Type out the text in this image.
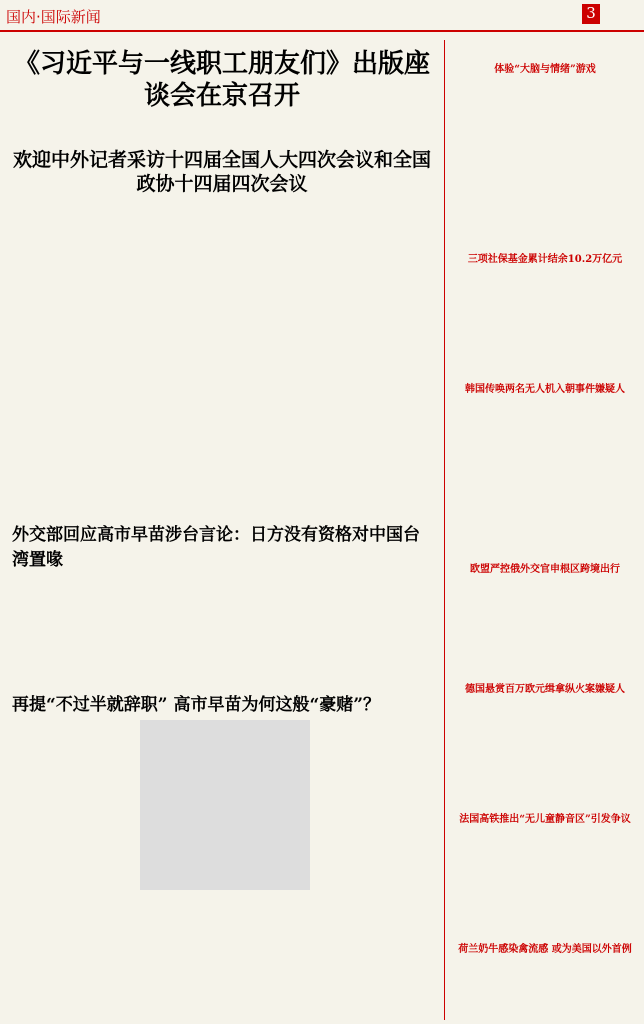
国内·国际新闻	3
《习近平与一线职工朋友们》出版座谈会在京召开
欢迎中外记者采访十四届全国人大四次会议和全国政协十四届四次会议
外交部回应高市早苗涉台言论：日方没有资格对中国台湾置喙
再提“不过半就辞职” 高市早苗为何这般“豪赌”？
体验“大脑与情绪”游戏
三项社保基金累计结余10.2万亿元
韩国传唤两名无人机入朝事件嫌疑人
欧盟严控俄外交官申根区跨境出行
德国悬赏百万欧元缉拿纵火案嫌疑人
法国高铁推出“无儿童静音区”引发争议
荷兰奶牛感染禽流感 或为美国以外首例
